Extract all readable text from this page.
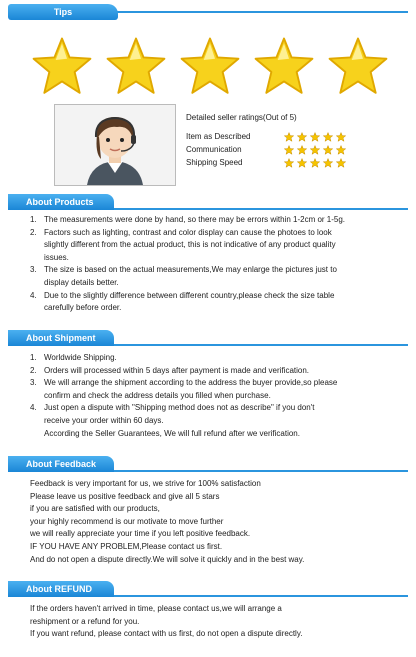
Tips
Detailed seller ratings(Out of 5)
Item as Described
Communication
Shipping Speed
About Products
1. The measurements were done by hand, so there may be errors within 1-2cm or 1-5g.
2. Factors such as lighting, contrast and color display can cause the photoes to look
slightly different from the actual product, this is not indicative of any product quality
issues.
3. The size is based on the actual measurements,We may enlarge the pictures just to
display details better.
4. Due to the slightly difference between different country,please check the size table
carefully before order.
About Shipment
1. Worldwide Shipping.
2. Orders will processed within 5 days after payment is made and verification.
3. We will arrange the shipment according to the address the buyer provide,so please
confirm and check the address details you filled when purchase.
4. Just open a dispute with "Shipping method does not as describe" if you don't
receive your order within 60 days.
According the Seller Guarantees, We will full refund after we verification.
About Feedback
Feedback is very important for us, we strive for 100% satisfaction
Please leave us positive feedback and give all 5 stars
if you are satisfied with our products,
your highly recommend is our motivate to move further
we will really appreciate your time if you left positive feedback.
IF YOU HAVE ANY PROBLEM,Please contact us first.
And do not open a dispute directly.We will solve it quickly and in the best way.
About REFUND
If the orders haven't arrived in time, please contact us,we will arrange a
reshipment or a refund for you.
If you want refund, please contact with us first, do not open a dispute directly.
